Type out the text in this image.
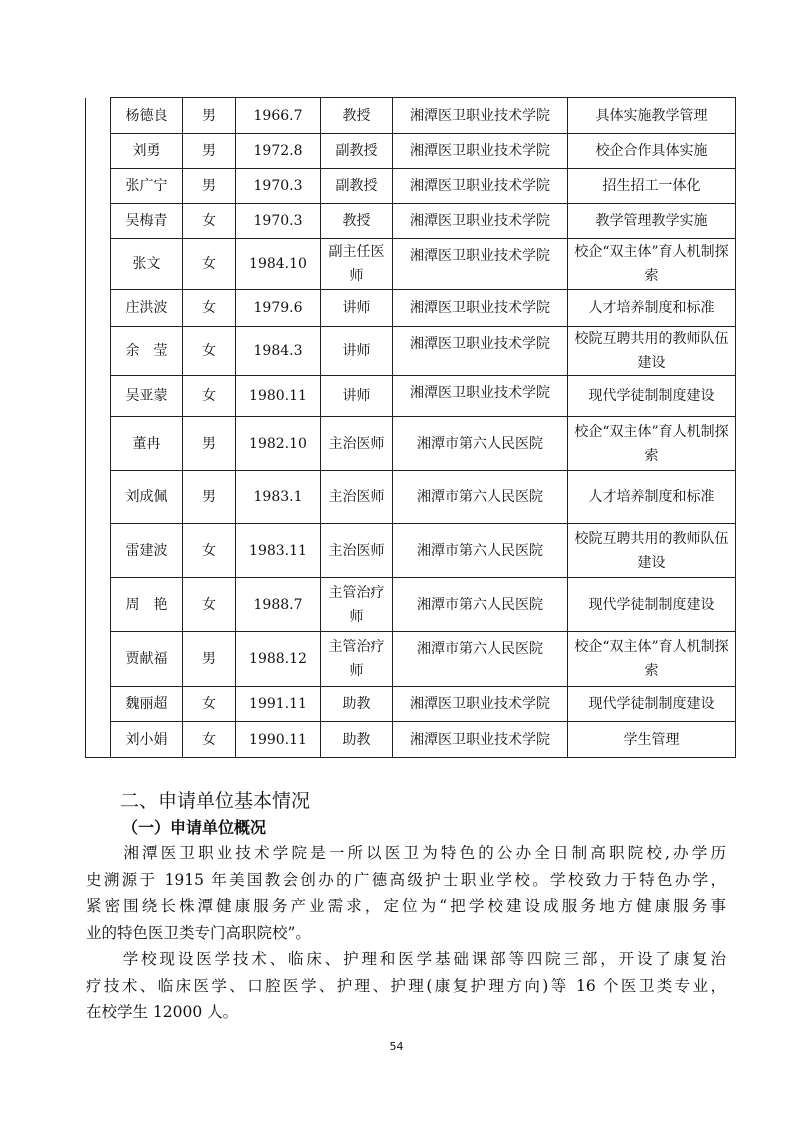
	杨德良	男	1966.7	教授	湘潭医卫职业技术学院	具体实施教学管理
	刘勇	男	1972.8	副教授	湘潭医卫职业技术学院	校企合作具体实施
	张广宁	男	1970.3	副教授	湘潭医卫职业技术学院	招生招工一体化
	吴梅青	女	1970.3	教授	湘潭医卫职业技术学院	教学管理教学实施
	张文	女	1984.10	副主任医师	湘潭医卫职业技术学院	校企“双主体”育人机制探索
	庄洪波	女	1979.6	讲师	湘潭医卫职业技术学院	人才培养制度和标准
	余　莹	女	1984.3	讲师	湘潭医卫职业技术学院	校院互聘共用的教师队伍建设
	吴亚蒙	女	1980.11	讲师	湘潭医卫职业技术学院	现代学徒制制度建设
	董冉	男	1982.10	主治医师	湘潭市第六人民医院	校企“双主体”育人机制探索
	刘成佩	男	1983.1	主治医师	湘潭市第六人民医院	人才培养制度和标准
	雷建波	女	1983.11	主治医师	湘潭市第六人民医院	校院互聘共用的教师队伍建设
	周　艳	女	1988.7	主管治疗师	湘潭市第六人民医院	现代学徒制制度建设
	贾献福	男	1988.12	主管治疗师	湘潭市第六人民医院	校企“双主体”育人机制探索
	魏丽超	女	1991.11	助教	湘潭医卫职业技术学院	现代学徒制制度建设
	刘小娟	女	1990.11	助教	湘潭医卫职业技术学院	学生管理
二、申请单位基本情况
（一）申请单位概况
　　湘潭医卫职业技术学院是一所以医卫为特色的公办全日制高职院校,办学历
史溯源于 1915 年美国教会创办的广德高级护士职业学校。学校致力于特色办学，
紧密围绕长株潭健康服务产业需求，定位为“把学校建设成服务地方健康服务事
业的特色医卫类专门高职院校”。
　　学校现设医学技术、临床、护理和医学基础课部等四院三部，开设了康复治
疗技术、临床医学、口腔医学、护理、护理(康复护理方向)等 16 个医卫类专业，
在校学生 12000 人。
54
